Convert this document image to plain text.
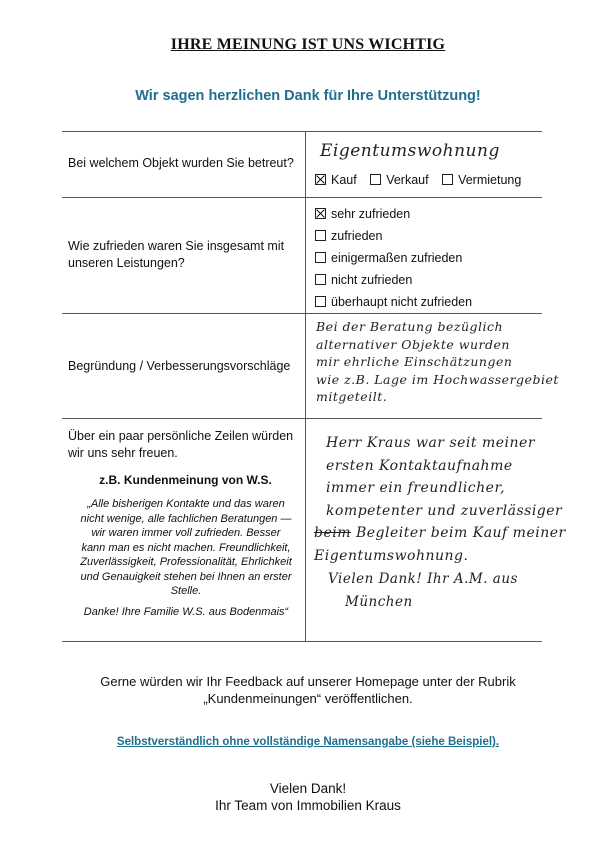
IHRE MEINUNG IST UNS WICHTIG
Wir sagen herzlichen Dank für Ihre Unterstützung!
Bei welchem Objekt wurden Sie betreut?
Eigentumswohnung
Kauf Verkauf Vermietung
Wie zufrieden waren Sie insgesamt mit unseren Leistungen?
sehr zufrieden
zufrieden
einigermaßen zufrieden
nicht zufrieden
überhaupt nicht zufrieden
Begründung / Verbesserungsvorschläge
Bei der Beratung bezüglich
alternativer Objekte wurden
mir ehrliche Einschätzungen
wie z.B. Lage im Hochwassergebiet
mitgeteilt.
Über ein paar persönliche Zeilen würden wir uns sehr freuen.
z.B. Kundenmeinung von W.S.
„Alle bisherigen Kontakte und das waren nicht wenige, alle fachlichen Beratungen — wir waren immer voll zufrieden. Besser kann man es nicht machen. Freundlichkeit, Zuverlässigkeit, Professionalität, Ehrlichkeit und Genauigkeit stehen bei Ihnen an erster Stelle.
Danke! Ihre Familie W.S. aus Bodenmais“
Herr Kraus war seit meiner
ersten Kontaktaufnahme
immer ein freundlicher,
kompetenter und zuverlässiger
beim Begleiter beim Kauf meiner
Eigentumswohnung.
Vielen Dank! Ihr A.M. aus
München
Gerne würden wir Ihr Feedback auf unserer Homepage unter der Rubrik
„Kundenmeinungen“ veröffentlichen.
Selbstverständlich ohne vollständige Namensangabe (siehe Beispiel).
Vielen Dank!
Ihr Team von Immobilien Kraus
